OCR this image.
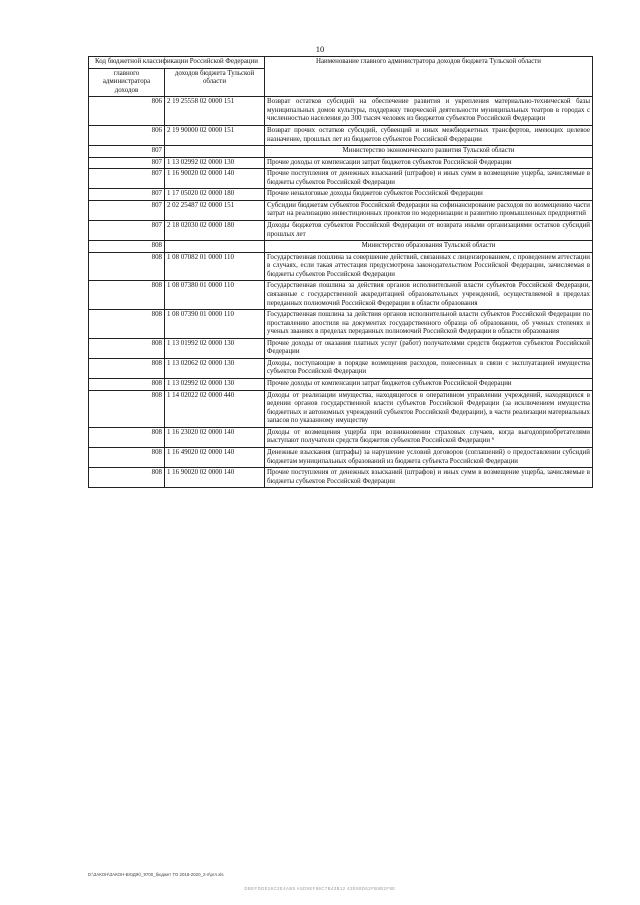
10
Код бюджетной классификации Российской Федерации		Наименование главного администратора доходов бюджета Тульской области
главного администратора доходов	доходов бюджета Тульской области	
806	2 19 25558 02 0000 151	Возврат остатков субсидий на обеспечение развития и укрепления материально-технической базы муниципальных домов культуры, поддержку творческой деятельности муниципальных театров в городах с численностью населения до 300 тысяч человек из бюджетов субъектов Российской Федерации
806	2 19 90000 02 0000 151	Возврат прочих остатков субсидий, субвенций и иных межбюджетных трансфертов, имеющих целевое назначение, прошлых лет из бюджетов субъектов Российской Федерации
807		Министерство экономического развития Тульской области
807	1 13 02992 02 0000 130	Прочие доходы от компенсации затрат бюджетов субъектов Российской Федерации
807	1 16 90020 02 0000 140	Прочие поступления от денежных взысканий (штрафов) и иных сумм в возмещение ущерба, зачисляемые в бюджеты субъектов Российской Федерации
807	1 17 05020 02 0000 180	Прочие неналоговые доходы бюджетов субъектов Российской Федерации
807	2 02 25487 02 0000 151	Субсидии бюджетам субъектов Российской Федерации на софинансирование расходов по возмещению части затрат на реализацию инвестиционных проектов по модернизации и развитию промышленных предприятий
807	2 18 02030 02 0000 180	Доходы бюджетов субъектов Российской Федерации от возврата иными организациями остатков субсидий прошлых лет
808		Министерство образования Тульской области
808	1 08 07082 01 0000 110	Государственная пошлина за совершение действий, связанных с лицензированием, с проведением аттестации в случаях, если такая аттестация предусмотрена законодательством Российской Федерации, зачисляемая в бюджеты субъектов Российской Федерации
808	1 08 07380 01 0000 110	Государственная пошлина за действия органов исполнительной власти субъектов Российской Федерации, связанные с государственной аккредитацией образовательных учреждений, осуществляемой в пределах переданных полномочий Российской Федерации в области образования
808	1 08 07390 01 0000 110	Государственная пошлина за действия органов исполнительной власти субъектов Российской Федерации по проставлению апостиля на документах государственного образца об образовании, об ученых степенях и ученых званиях в пределах переданных полномочий Российской Федерации в области образования
808	1 13 01992 02 0000 130	Прочие доходы от оказания платных услуг (работ) получателями средств бюджетов субъектов Российской Федерации
808	1 13 02062 02 0000 130	Доходы, поступающие в порядке возмещения расходов, понесенных в связи с эксплуатацией имущества субъектов Российской Федерации
808	1 13 02992 02 0000 130	Прочие доходы от компенсации затрат бюджетов субъектов Российской Федерации
808	1 14 02022 02 0000 440	Доходы от реализации имущества, находящегося в оперативном управлении учреждений, находящихся в ведении органов государственной власти субъектов Российской Федерации (за исключением имущества бюджетных и автономных учреждений субъектов Российской Федерации), в части реализации материальных запасов по указанному имуществу
808	1 16 23020 02 0000 140	Доходы от возмещения ущерба при возникновении страховых случаев, когда выгодоприобретателями выступают получатели средств бюджетов субъектов Российской Федерации ⁶
808	1 16 49020 02 0000 140	Денежные взыскания (штрафы) за нарушение условий договоров (соглашений) о предоставлении субсидий бюджетам муниципальных образований из бюджета субъекта Российской Федерации
808	1 16 90020 02 0000 140	Прочие поступления от денежных взысканий (штрафов) и иных сумм в возмещение ущерба, зачисляемые в бюджеты субъектов Российской Федерации
D:\ЗАКОН\ЗАКОН-БЮДЖ\_9700_бюджет ТО 2018-2020_2-п\ргл.xls
DBEFDDE26C2E4AB5 A5D9EF86C7B43B12 43E88D62FB8B2F8E
